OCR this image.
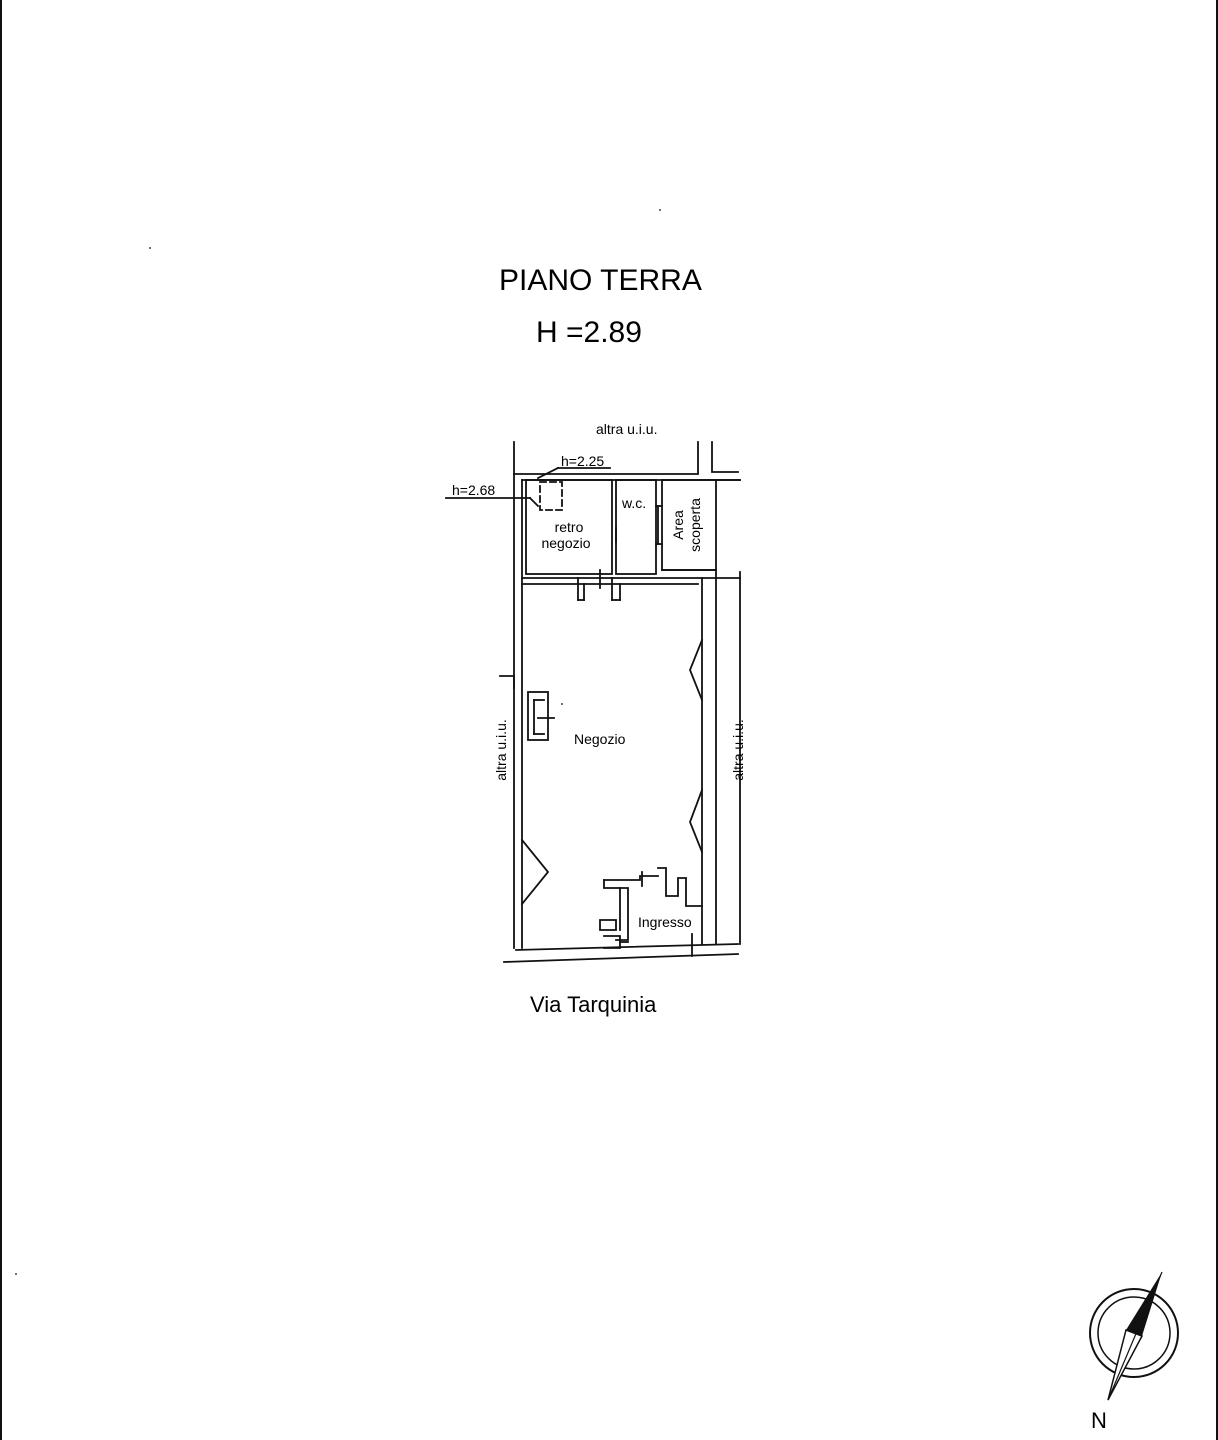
PIANO TERRA
H =2.89
altra u.i.u.
h=2.25
h=2.68
retro
negozio
w.c.
Area scoperta
Negozio
Ingresso
altra u.i.u.	altra u.i.u.
Via Tarquinia
N
